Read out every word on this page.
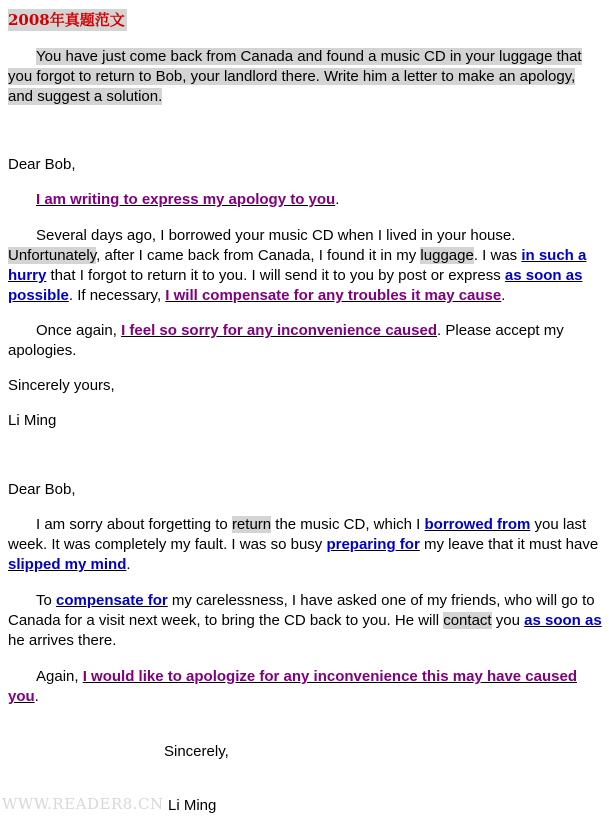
2008年真题范文

You have just come back from Canada and found a music CD in your luggage that you forgot to return to Bob, your landlord there. Write him a letter to make an apology, and suggest a solution.

Dear Bob,

I am writing to express my apology to you.

Several days ago, I borrowed your music CD when I lived in your house. Unfortunately, after I came back from Canada, I found it in my luggage. I was in such a hurry that I forgot to return it to you. I will send it to you by post or express as soon as possible. If necessary, I will compensate for any troubles it may cause.

Once again, I feel so sorry for any inconvenience caused. Please accept my apologies.

Sincerely yours,
Li Ming
Dear Bob,

I am sorry about forgetting to return the music CD, which I borrowed from you last week. It was completely my fault. I was so busy preparing for my leave that it must have slipped my mind.

To compensate for my carelessness, I have asked one of my friends, who will go to Canada for a visit next week, to bring the CD back to you. He will contact you as soon as he arrives there.

Again, I would like to apologize for any inconvenience this may have caused you.

Sincerely,
WWW.READER8.CN Li Ming
